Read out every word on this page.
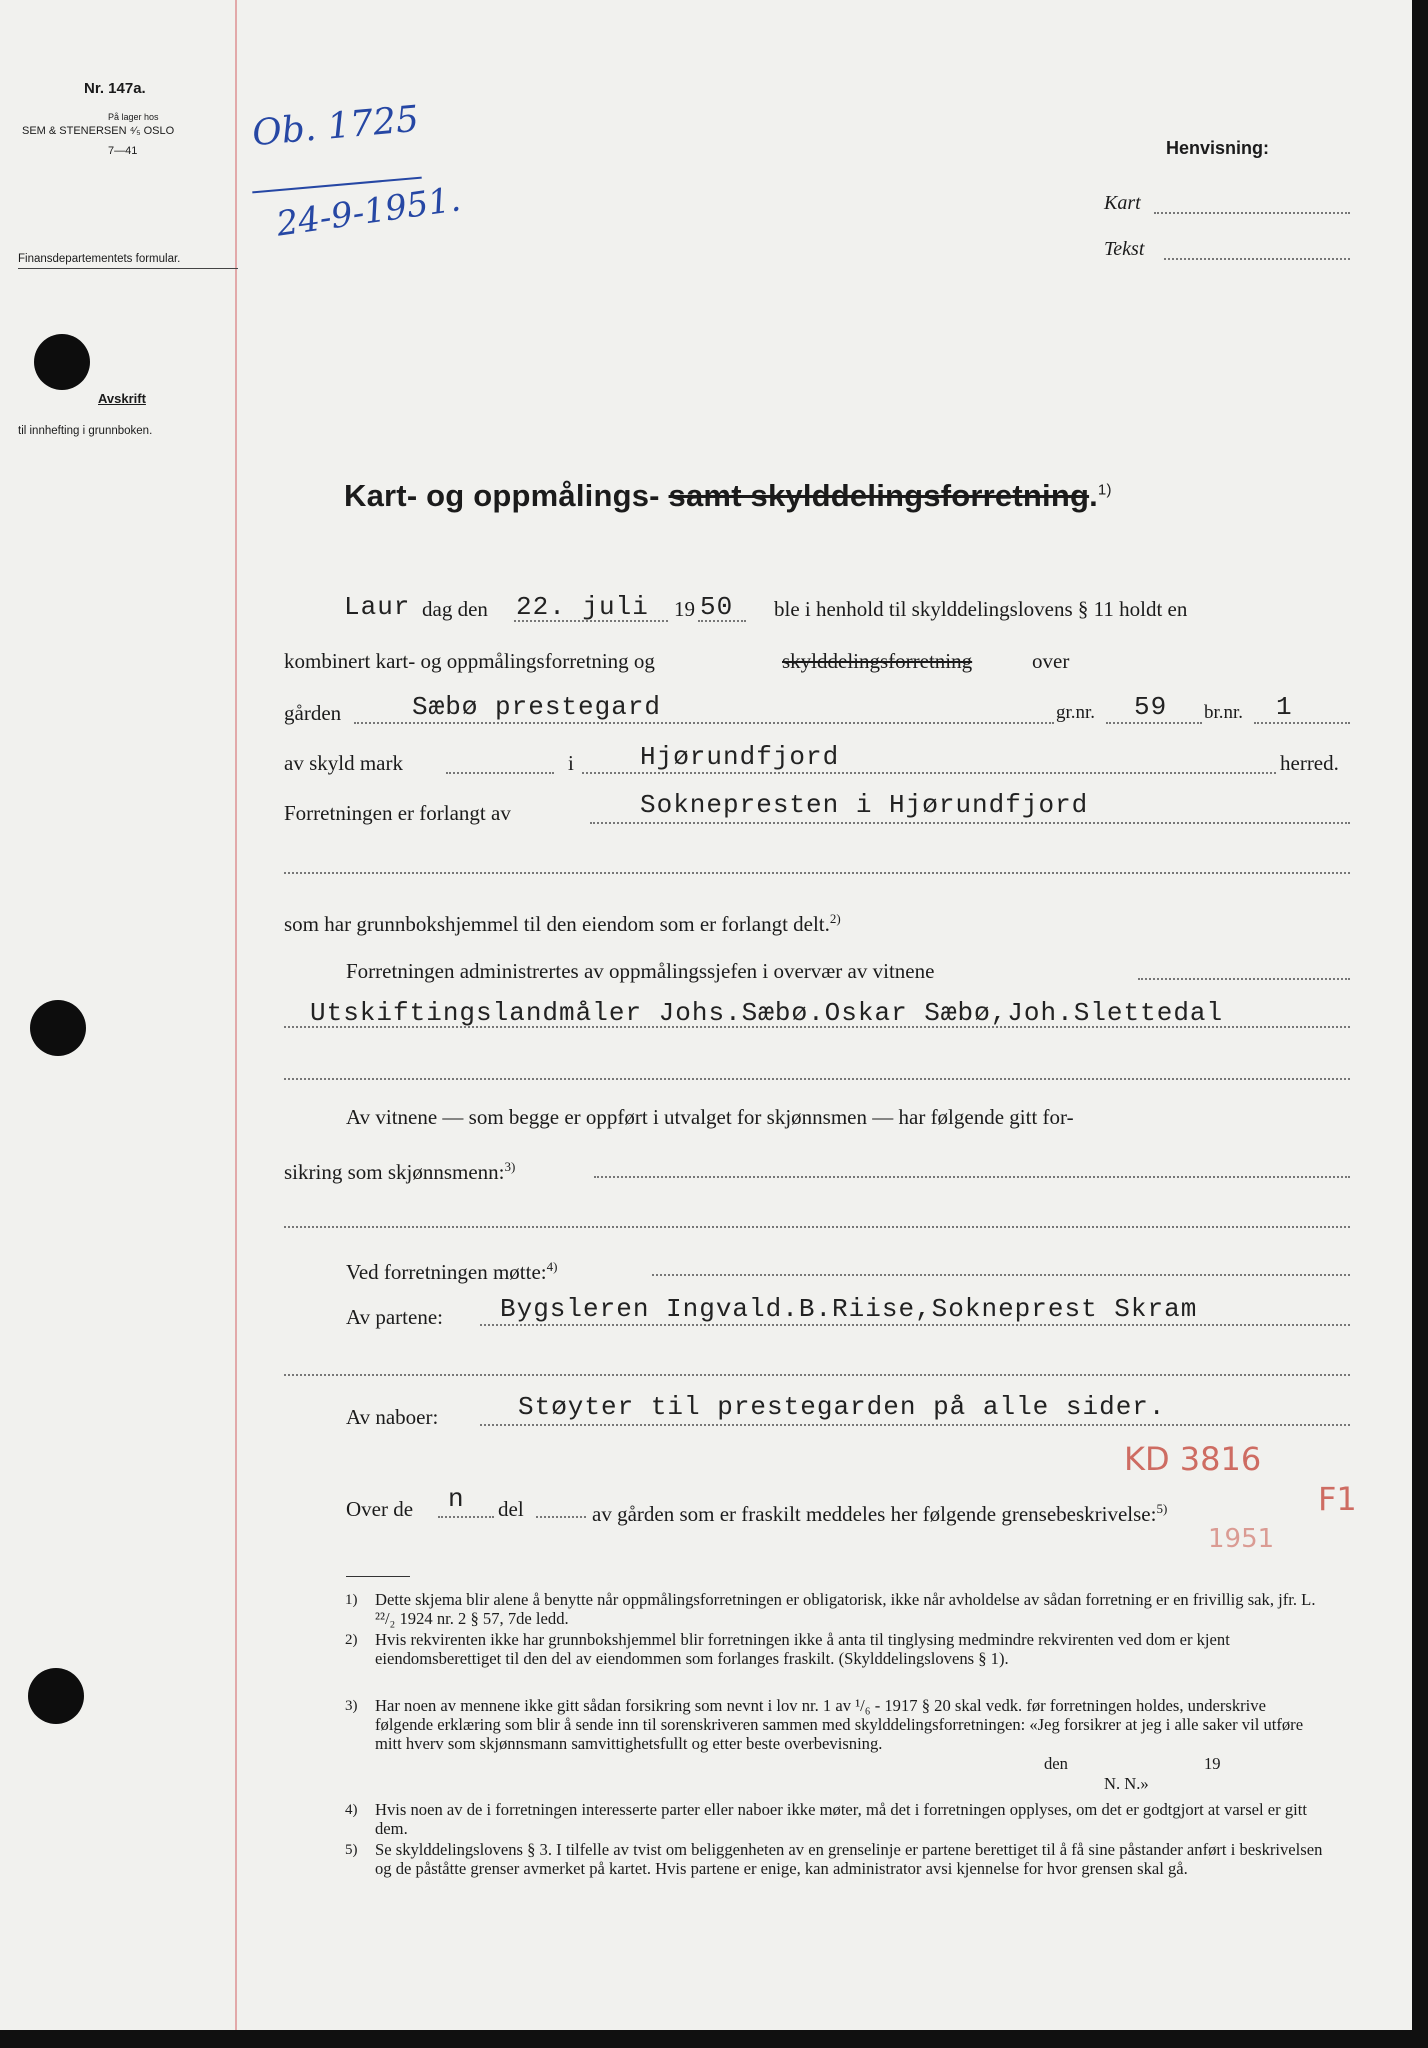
Nr. 147a.
På lager hos
SEM & STENERSEN ⁴⁄₅ OSLO
7—41
Finansdepartementets formular.
Avskrift
til innhefting i grunnboken.
Ob. 1725
24-9-1951.
Henvisning:
Kart
Tekst
Kart- og oppmålings- samt skylddelingsforretning.$^{1)}$
Laur dag den 22. juli 19 50 ble i henhold til skylddelingslovens § 11 holdt en
kombinert kart- og oppmålingsforretning og	skylddelingsforretning	over
gården	Sæbø prestegard	gr.nr. 59 br.nr. 1
av skyld mark	i	Hjørundfjord	herred.
Forretningen er forlangt av	Soknepresten i Hjørundfjord
som har grunnbokshjemmel til den eiendom som er forlangt delt.$^{2)}$
Forretningen administrertes av oppmålingssjefen i overvær av vitnene
Utskiftingslandmåler Johs.Sæbø.Oskar Sæbø,Joh.Slettedal
Av vitnene — som begge er oppført i utvalget for skjønnsmen — har følgende gitt for-
sikring som skjønnsmenn:$^{3)}$
Ved forretningen møtte:$^{4)}$
Av partene: Bygsleren Ingvald.B.Riise,Sokneprest Skram
Av naboer:	Støyter til prestegarden på alle sider.
KD 3816
F1
1951
Over de n del	av gården som er fraskilt meddeles her følgende grensebeskrivelse:$^{5)}$
1) Dette skjema blir alene å benytte når oppmålingsforretningen er obligatorisk, ikke når avholdelse av sådan forretning er en frivillig sak, jfr. L. ²²/₂ 1924 nr. 2 § 57, 7de ledd.
2) Hvis rekvirenten ikke har grunnbokshjemmel blir forretningen ikke å anta til tinglysing medmindre rekvirenten ved dom er kjent eiendomsberettiget til den del av eiendommen som forlanges fraskilt. (Skylddelingslovens § 1).
3) Har noen av mennene ikke gitt sådan forsikring som nevnt i lov nr. 1 av ¹/₆ - 1917 § 20 skal vedk. før forretningen holdes, underskrive følgende erklæring som blir å sende inn til sorenskriveren sammen med skylddelingsforretningen: «Jeg forsikrer at jeg i alle saker vil utføre mitt hverv som skjønnsmann samvittighetsfullt og etter beste overbevisning.
den	19
N. N.»
4) Hvis noen av de i forretningen interesserte parter eller naboer ikke møter, må det i forretningen opplyses, om det er godtgjort at varsel er gitt dem.
5) Se skylddelingslovens § 3. I tilfelle av tvist om beliggenheten av en grenselinje er partene berettiget til å få sine påstander anført i beskrivelsen og de påståtte grenser avmerket på kartet. Hvis partene er enige, kan administrator avsi kjennelse for hvor grensen skal gå.
